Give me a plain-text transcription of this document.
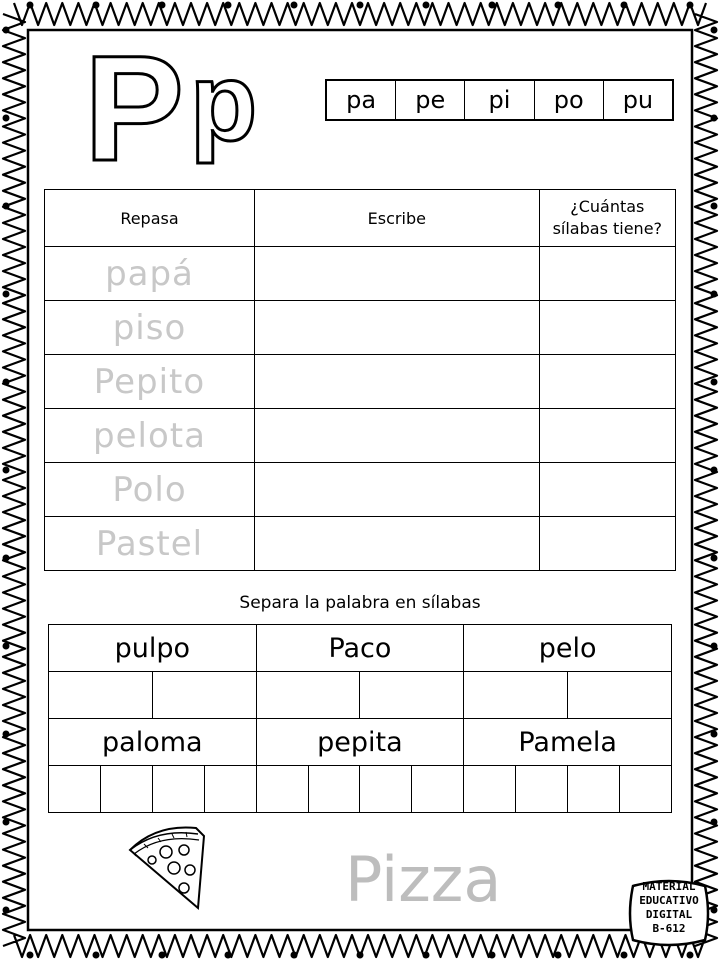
P p	pa	pe	pi	po	pu
Repasa	Escribe	¿Cuántas
sílabas tiene?
papá		
piso		
Pepito		
pelota		
Polo		
Pastel		
Separa la palabra en sílabas
pulpo				Paco				pelo			

paloma				pepita				Pamela			

Pizza	MATERIAL
EDUCATIVO
DIGITAL
B-612
